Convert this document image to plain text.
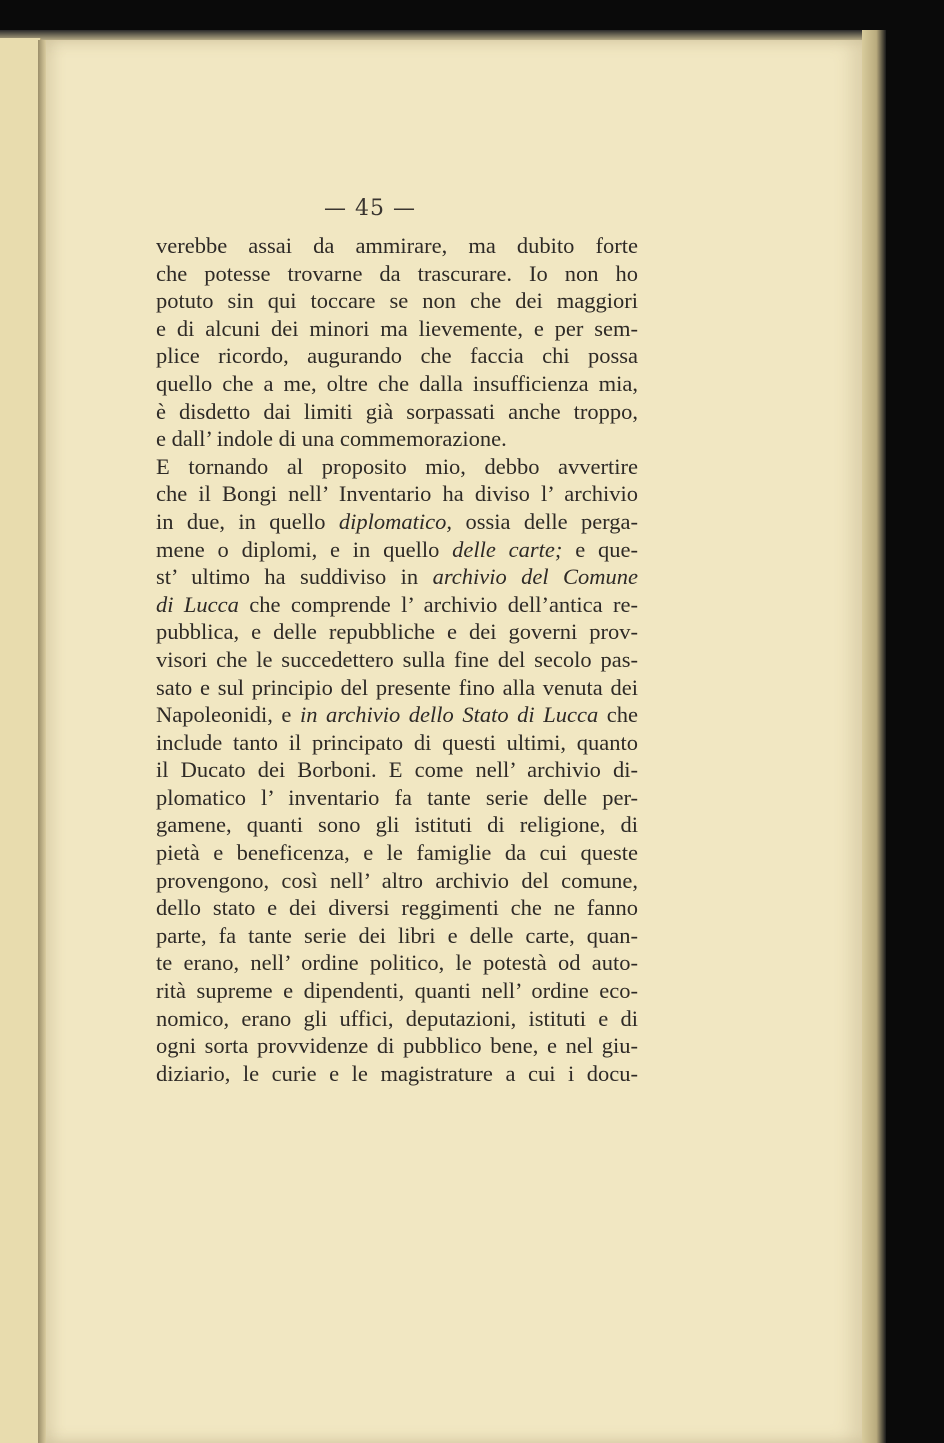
— 45 —
verebbe assai da ammirare, ma dubito forte
che potesse trovarne da trascurare. Io non ho
potuto sin qui toccare se non che dei maggiori
e di alcuni dei minori ma lievemente, e per sem-
plice ricordo, augurando che faccia chi possa
quello che a me, oltre che dalla insufficienza mia,
è disdetto dai limiti già sorpassati anche troppo,
e dall’ indole di una commemorazione.
E tornando al proposito mio, debbo avvertire
che il Bongi nell’ Inventario ha diviso l’ archivio
in due, in quello diplomatico, ossia delle perga-
mene o diplomi, e in quello delle carte; e que-
st’ ultimo ha suddiviso in archivio del Comune
di Lucca che comprende l’ archivio dell’antica re-
pubblica, e delle repubbliche e dei governi prov-
visori che le succedettero sulla fine del secolo pas-
sato e sul principio del presente fino alla venuta dei
Napoleonidi, e in archivio dello Stato di Lucca che
include tanto il principato di questi ultimi, quanto
il Ducato dei Borboni. E come nell’ archivio di-
plomatico l’ inventario fa tante serie delle per-
gamene, quanti sono gli istituti di religione, di
pietà e beneficenza, e le famiglie da cui queste
provengono, così nell’ altro archivio del comune,
dello stato e dei diversi reggimenti che ne fanno
parte, fa tante serie dei libri e delle carte, quan-
te erano, nell’ ordine politico, le potestà od auto-
rità supreme e dipendenti, quanti nell’ ordine eco-
nomico, erano gli uffici, deputazioni, istituti e di
ogni sorta provvidenze di pubblico bene, e nel giu-
diziario, le curie e le magistrature a cui i docu-
